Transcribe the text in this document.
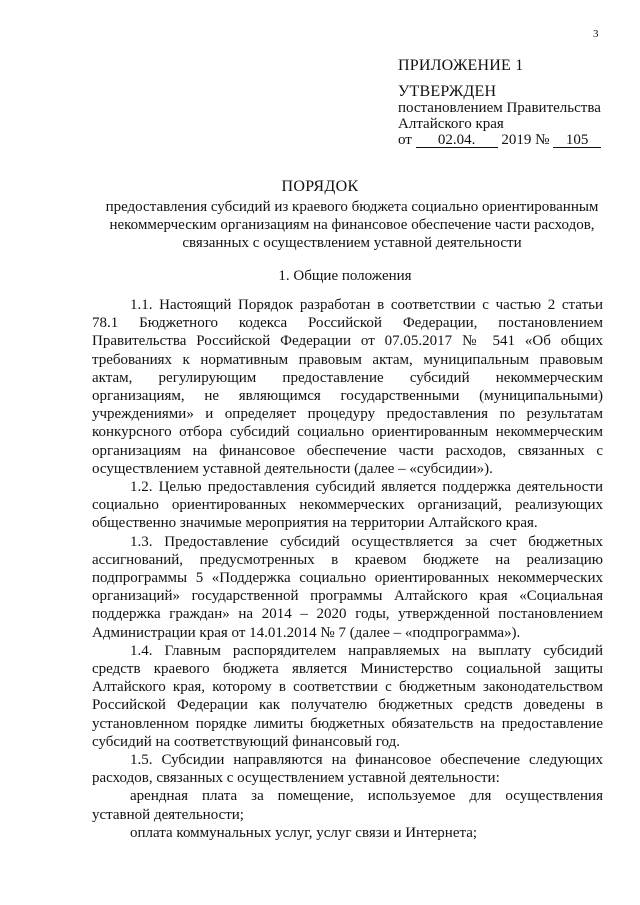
3
ПРИЛОЖЕНИЕ 1
УТВЕРЖДЕН
постановлением Правительства
Алтайского края
от 02.04. 2019 № 105
ПОРЯДОК
предоставления субсидий из краевого бюджета социально ориентированным некоммерческим организациям на финансовое обеспечение части расходов, связанных с осуществлением уставной деятельности
1. Общие положения

1.1. Настоящий Порядок разработан в соответствии с частью 2 статьи 78.1 Бюджетного кодекса Российской Федерации, постановлением Правительства Российской Федерации от 07.05.2017 № 541 «Об общих требованиях к нормативным правовым актам, муниципальным правовым актам, регулирующим предоставление субсидий некоммерческим организациям, не являющимся государственными (муниципальными) учреждениями» и определяет процедуру предоставления по результатам конкурсного отбора субсидий социально ориентированным некоммерческим организациям на финансовое обеспечение части расходов, связанных с осуществлением уставной деятельности (далее – «субсидии»).

1.2. Целью предоставления субсидий является поддержка деятельности социально ориентированных некоммерческих организаций, реализующих общественно значимые мероприятия на территории Алтайского края.

1.3. Предоставление субсидий осуществляется за счет бюджетных ассигнований, предусмотренных в краевом бюджете на реализацию подпрограммы 5 «Поддержка социально ориентированных некоммерческих организаций» государственной программы Алтайского края «Социальная поддержка граждан» на 2014 – 2020 годы, утвержденной постановлением Администрации края от 14.01.2014 № 7 (далее – «подпрограмма»).

1.4. Главным распорядителем направляемых на выплату субсидий средств краевого бюджета является Министерство социальной защиты Алтайского края, которому в соответствии с бюджетным законодательством Российской Федерации как получателю бюджетных средств доведены в установленном порядке лимиты бюджетных обязательств на предоставление субсидий на соответствующий финансовый год.

1.5. Субсидии направляются на финансовое обеспечение следующих расходов, связанных с осуществлением уставной деятельности:

арендная плата за помещение, используемое для осуществления уставной деятельности;

оплата коммунальных услуг, услуг связи и Интернета;
